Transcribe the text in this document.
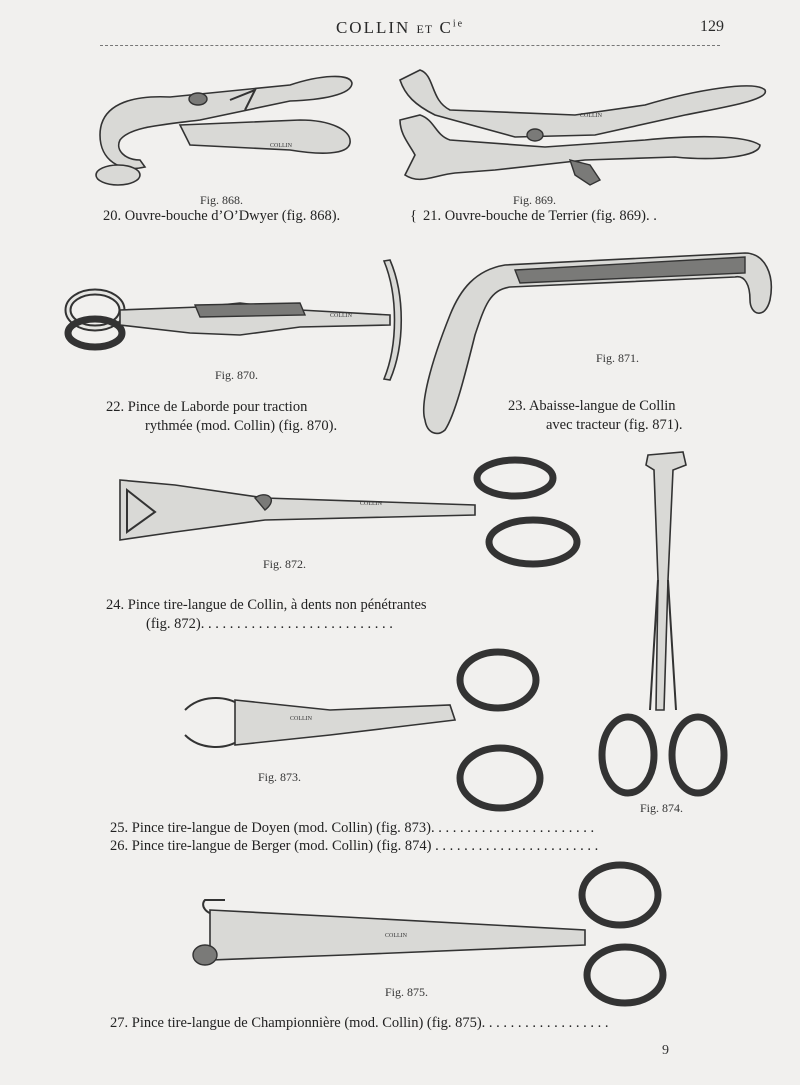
COLLIN ET $C^{ie}$	129
COLLIN
Fig. 868.
20. Ouvre-bouche d’O’Dwyer (fig. 868).
COLLIN
Fig. 869.
{ 21. Ouvre-bouche de Terrier (fig. 869). .
COLLIN
Fig. 870.
22. Pince de Laborde pour traction
rythmée (mod. Collin) (fig. 870).
Fig. 871.
23. Abaisse-langue de Collin
avec tracteur (fig. 871).
COLLIN
Fig. 872.
24. Pince tire-langue de Collin, à dents non pénétrantes
(fig. 872). . . . . . . . . . . . . . . . . . . . . . . . . . .
Fig. 874.
COLLIN
Fig. 873.
25. Pince tire-langue de Doyen (mod. Collin) (fig. 873). . . . . . . . . . . . . . . . . . . . . . .
26. Pince tire-langue de Berger (mod. Collin) (fig. 874) . . . . . . . . . . . . . . . . . . . . . . .
COLLIN
Fig. 875.
27. Pince tire-langue de Championnière (mod. Collin) (fig. 875). . . . . . . . . . . . . . . . . .
9
